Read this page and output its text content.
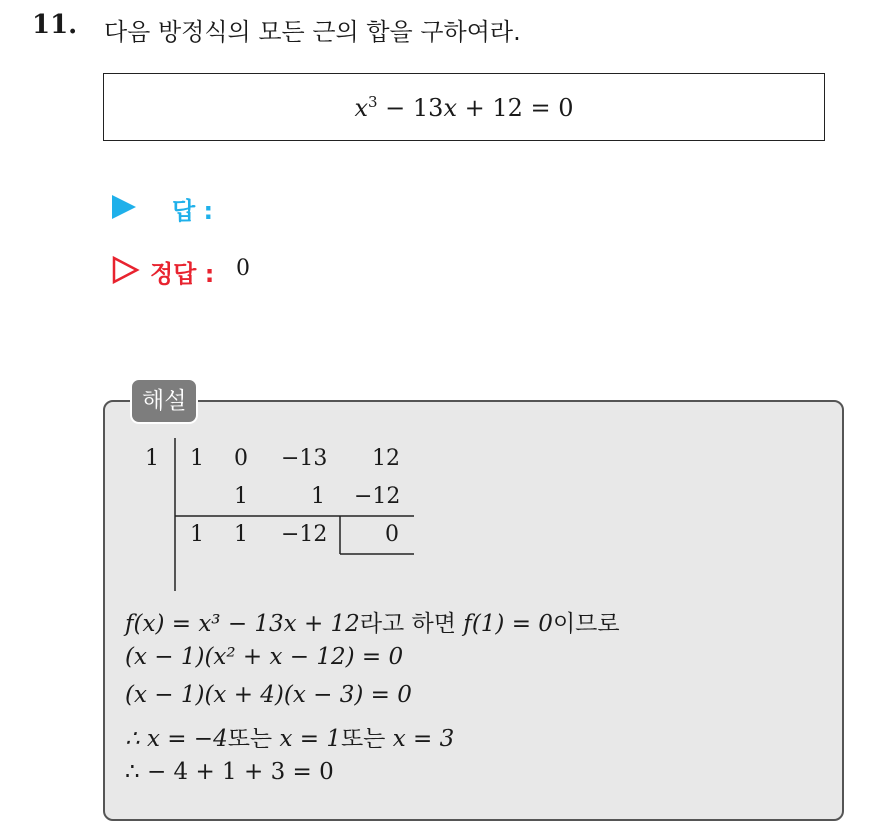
11. 다음 방정식의 모든 근의 합을 구하여라.
$x^3 - 13x + 12 = 0$
답 :
정답 : 0
해설
1 1 0 −13 12
1	1 −12
1 1 −12	0
f(x) = x³ − 13x + 12라고 하면 f(1) = 0이므로
(x − 1)(x² + x − 12) = 0
(x − 1)(x + 4)(x − 3) = 0
∴ x = −4또는 x = 1또는 x = 3
∴ − 4 + 1 + 3 = 0
